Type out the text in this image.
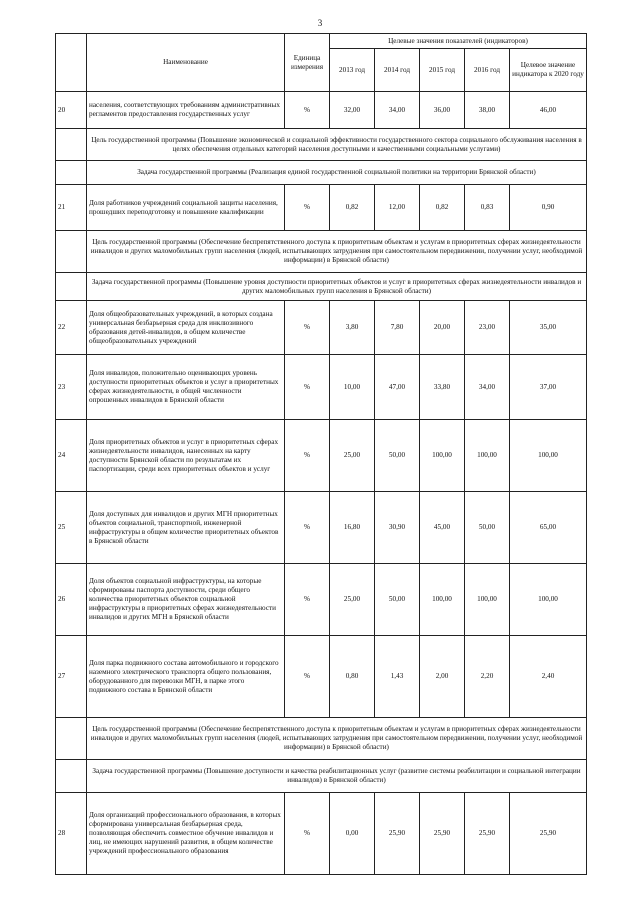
3
	Наименование	Единица измерения	Целевые значения показателей (индикаторов)				
			2013 год	2014 год	2015 год	2016 год	Целевое значение индикатора к 2020 году
20	населения, соответствующих требованиям административных регламентов предоставления государственных услуг	%	32,00	34,00	36,00	38,00	46,00
	Цель государственной программы (Повышение экономической и социальной эффективности государственного сектора социального обслуживания населения в целях обеспечения отдельных категорий населения доступными и качественными социальными услугами)						
	Задача государственной программы (Реализация единой государственной социальной политики на территории Брянской области)						
21	Доля работников учреждений социальной защиты населения, прошедших переподготовку и повышение квалификации	%	0,82	12,00	0,82	0,83	0,90
	Цель государственной программы (Обеспечение беспрепятственного доступа к приоритетным объектам и услугам в приоритетных сферах жизнедеятельности инвалидов и других маломобильных групп населения (людей, испытывающих затруднения при самостоятельном передвижении, получении услуг, необходимой информации) в Брянской области)						
	Задача государственной программы (Повышение уровня доступности приоритетных объектов и услуг в приоритетных сферах жизнедеятельности инвалидов и других маломобильных групп населения в Брянской области)						
22	Доля общеобразовательных учреждений, в которых создана универсальная безбарьерная среда для инклюзивного образования детей-инвалидов, в общем количестве общеобразовательных учреждений	%	3,80	7,80	20,00	23,00	35,00
23	Доля инвалидов, положительно оценивающих уровень доступности приоритетных объектов и услуг в приоритетных сферах жизнедеятельности, в общей численности опрошенных инвалидов в Брянской области	%	10,00	47,00	33,80	34,00	37,00
24	Доля приоритетных объектов и услуг в приоритетных сферах жизнедеятельности инвалидов, нанесенных на карту доступности Брянской области по результатам их паспортизации, среди всех приоритетных объектов и услуг	%	25,00	50,00	100,00	100,00	100,00
25	Доля доступных для инвалидов и других МГН приоритетных объектов социальной, транспортной, инженерной инфраструктуры в общем количестве приоритетных объектов в Брянской области	%	16,80	30,90	45,00	50,00	65,00
26	Доля объектов социальной инфраструктуры, на которые сформированы паспорта доступности, среди общего количества приоритетных объектов социальной инфраструктуры в приоритетных сферах жизнедеятельности инвалидов и других МГН в Брянской области	%	25,00	50,00	100,00	100,00	100,00
27	Доля парка подвижного состава автомобильного и городского наземного электрического транспорта общего пользования, оборудованного для перевозки МГН, в парке этого подвижного состава в Брянской области	%	0,80	1,43	2,00	2,20	2,40
	Цель государственной программы (Обеспечение беспрепятственного доступа к приоритетным объектам и услугам в приоритетных сферах жизнедеятельности инвалидов и других маломобильных групп населения (людей, испытывающих затруднения при самостоятельном передвижении, получении услуг, необходимой информации) в Брянской области)						
	Задача государственной программы (Повышение доступности и качества реабилитационных услуг (развитие системы реабилитации и социальной интеграции инвалидов) в Брянской области)						
28	Доля организаций профессионального образования, в которых сформирована универсальная безбарьерная среда, позволяющая обеспечить совместное обучение инвалидов и лиц, не имеющих нарушений развития, в общем количестве учреждений профессионального образования	%	0,00	25,90	25,90	25,90	25,90
